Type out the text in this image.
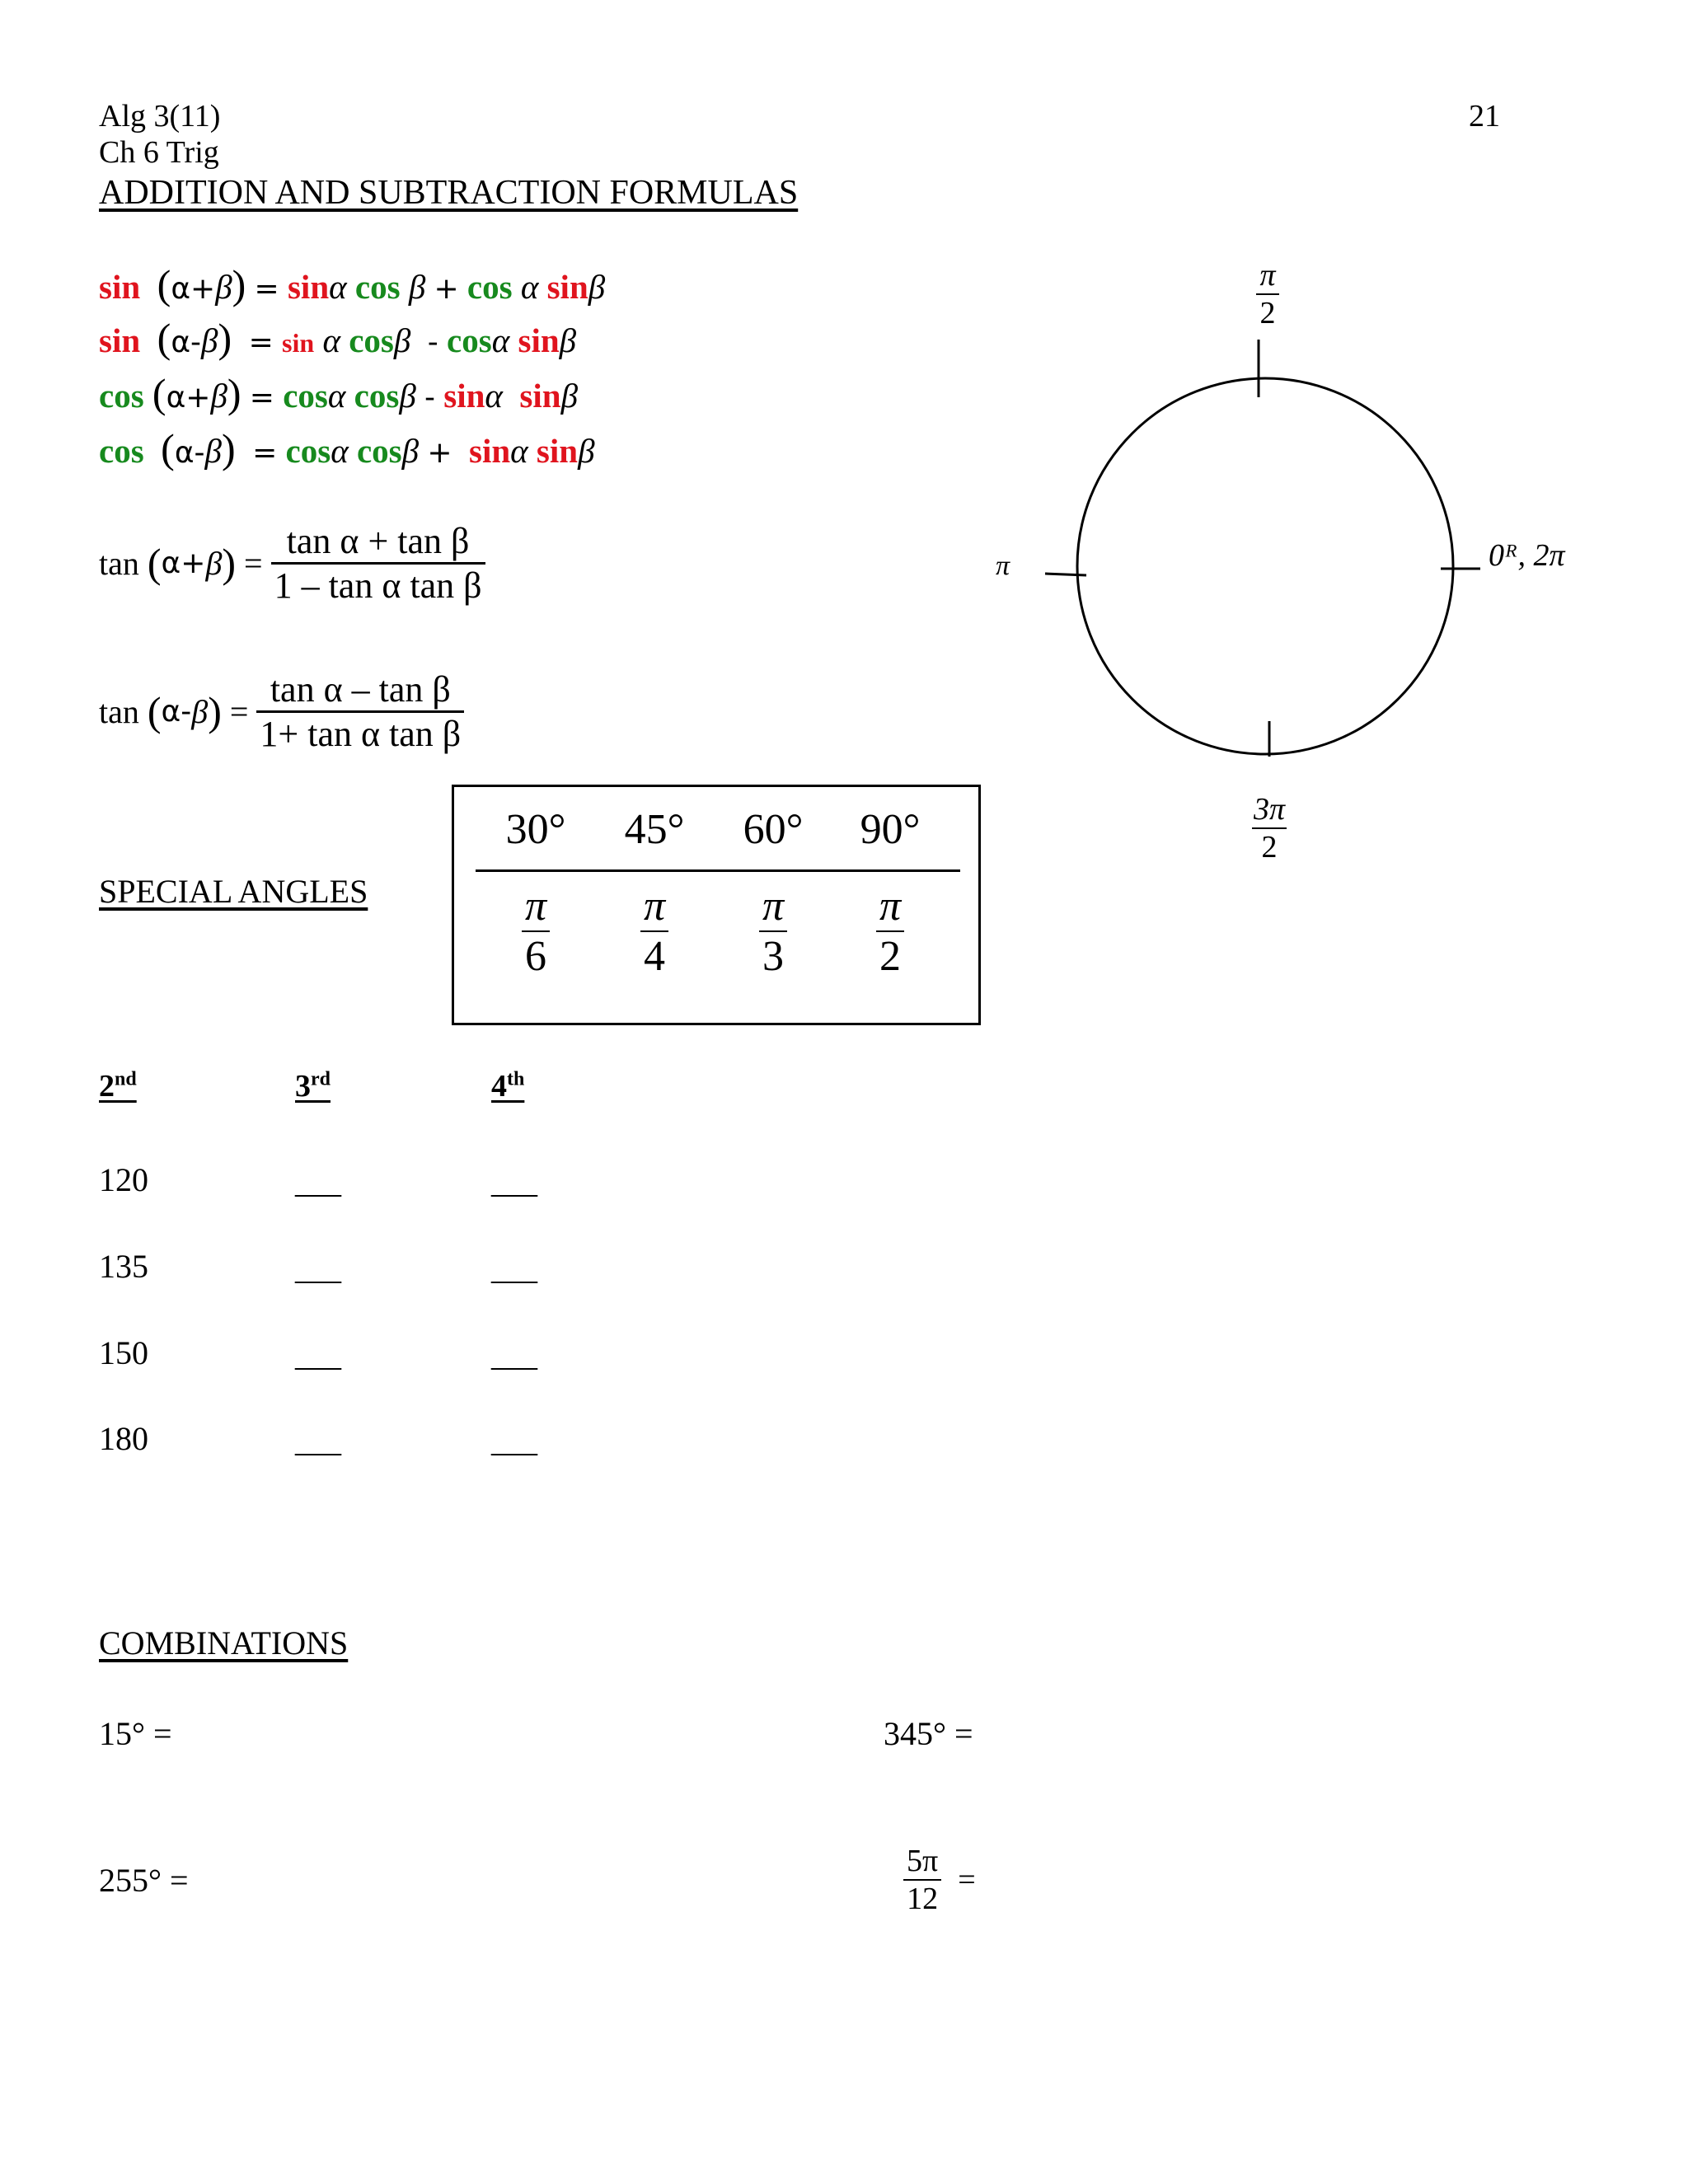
Alg 3(11)
Ch 6 Trig
21
ADDITION AND SUBTRACTION FORMULAS
sin (α+β) = sinα cos β + cos α sinβ
sin (α-β) = sin α cosβ - cosα sinβ
cos (α+β) = cosα cosβ - sinα sinβ
cos (α-β) = cosα cosβ + sinα sinβ
tan
( α + β )
=
$\frac{\text{tan α + tan β}}{\text{1 – tan α tan β}}$
tan
( α - β )
=
$\frac{\text{tan α – tan β}}{\text{1+ tan α tan β}}$
SPECIAL ANGLES
30°	45°	60°	90°
$\frac{\pi}{6} \frac{\pi}{4} \frac{\pi}{3} \frac{\pi}{2}$
π
2
π	0ᴿ, 2π
3π
2
2nd	3rd	4th
120	___	___
135	___	___
150	___	___
180	___	___
COMBINATIONS
15° =	345° =
255° =	$\frac{5\pi}{12}$ =
